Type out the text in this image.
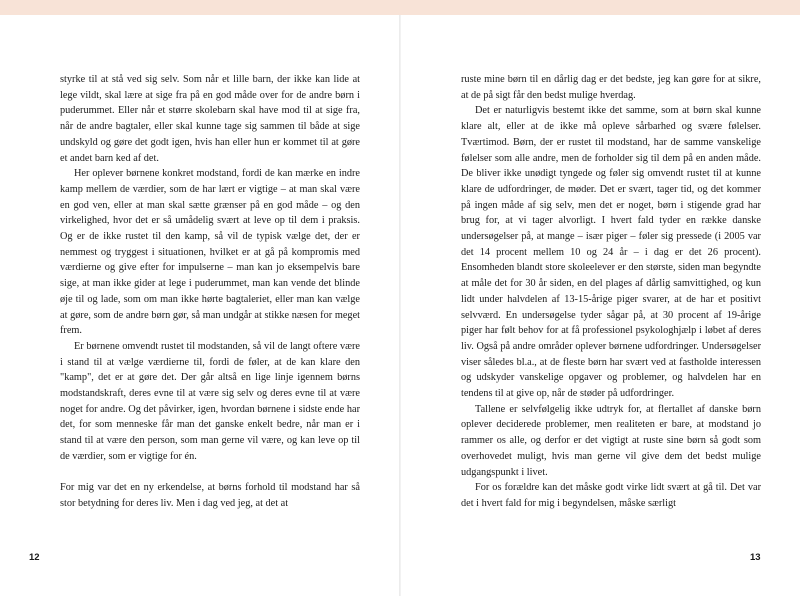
styrke til at stå ved sig selv. Som når et lille barn, der ikke kan lide at lege vildt, skal lære at sige fra på en god måde over for de andre børn i puderummet. Eller når et større skolebarn skal have mod til at sige fra, når de andre bagtaler, eller skal kunne tage sig sammen til både at sige undskyld og gøre det godt igen, hvis han eller hun er kommet til at gøre et andet barn ked af det.

Her oplever børnene konkret modstand, fordi de kan mærke en indre kamp mellem de værdier, som de har lært er vigtige – at man skal være en god ven, eller at man skal sætte grænser på en god måde – og den virkelighed, hvor det er så umådelig svært at leve op til dem i praksis. Og er de ikke rustet til den kamp, så vil de typisk vælge det, der er nemmest og tryggest i situationen, hvilket er at gå på kompromis med værdierne og give efter for impulserne – man kan jo eksempelvis bare sige, at man ikke gider at lege i puderummet, man kan vende det blinde øje til og lade, som om man ikke hørte bagtaleriet, eller man kan vælge at gøre, som de andre børn gør, så man undgår at stikke næsen for meget frem.

Er børnene omvendt rustet til modstanden, så vil de langt oftere være i stand til at vælge værdierne til, fordi de føler, at de kan klare den "kamp", det er at gøre det. Der går altså en lige linje igennem børns modstandskraft, deres evne til at være sig selv og deres evne til at være noget for andre. Og det påvirker, igen, hvordan børnene i sidste ende har det, for som menneske får man det ganske enkelt bedre, når man er i stand til at være den person, som man gerne vil være, og kan leve op til de værdier, som er vigtige for én.

For mig var det en ny erkendelse, at børns forhold til modstand har så stor betydning for deres liv. Men i dag ved jeg, at det at

ruste mine børn til en dårlig dag er det bedste, jeg kan gøre for at sikre, at de på sigt får den bedst mulige hverdag.

Det er naturligvis bestemt ikke det samme, som at børn skal kunne klare alt, eller at de ikke må opleve sårbarhed og svære følelser. Tværtimod. Børn, der er rustet til modstand, har de samme vanskelige følelser som alle andre, men de forholder sig til dem på en anden måde. De bliver ikke unødigt tyngede og føler sig omvendt rustet til at kunne klare de udfordringer, de møder. Det er svært, tager tid, og det kommer på ingen måde af sig selv, men det er noget, børn i stigende grad har brug for, at vi tager alvorligt. I hvert fald tyder en række danske undersøgelser på, at mange – især piger – føler sig pressede (i 2005 var det 14 procent mellem 10 og 24 år – i dag er det 26 procent). Ensomheden blandt store skoleelever er den største, siden man begyndte at måle det for 30 år siden, en del plages af dårlig samvittighed, og kun lidt under halvdelen af 13-15-årige piger svarer, at de har et positivt selvværd. En undersøgelse tyder sågar på, at 30 procent af 19-årige piger har følt behov for at få professionel psykologhjælp i løbet af deres liv. Også på andre områder oplever børnene udfordringer. Undersøgelser viser således bl.a., at de fleste børn har svært ved at fastholde interessen og udskyder vanskelige opgaver og problemer, og halvdelen har en tendens til at give op, når de støder på udfordringer.

Tallene er selvfølgelig ikke udtryk for, at flertallet af danske børn oplever deciderede problemer, men realiteten er bare, at modstand jo rammer os alle, og derfor er det vigtigt at ruste sine børn så godt som overhovedet muligt, hvis man gerne vil give dem det bedst mulige udgangspunkt i livet.

For os forældre kan det måske godt virke lidt svært at gå til. Det var det i hvert fald for mig i begyndelsen, måske særligt

12	13
